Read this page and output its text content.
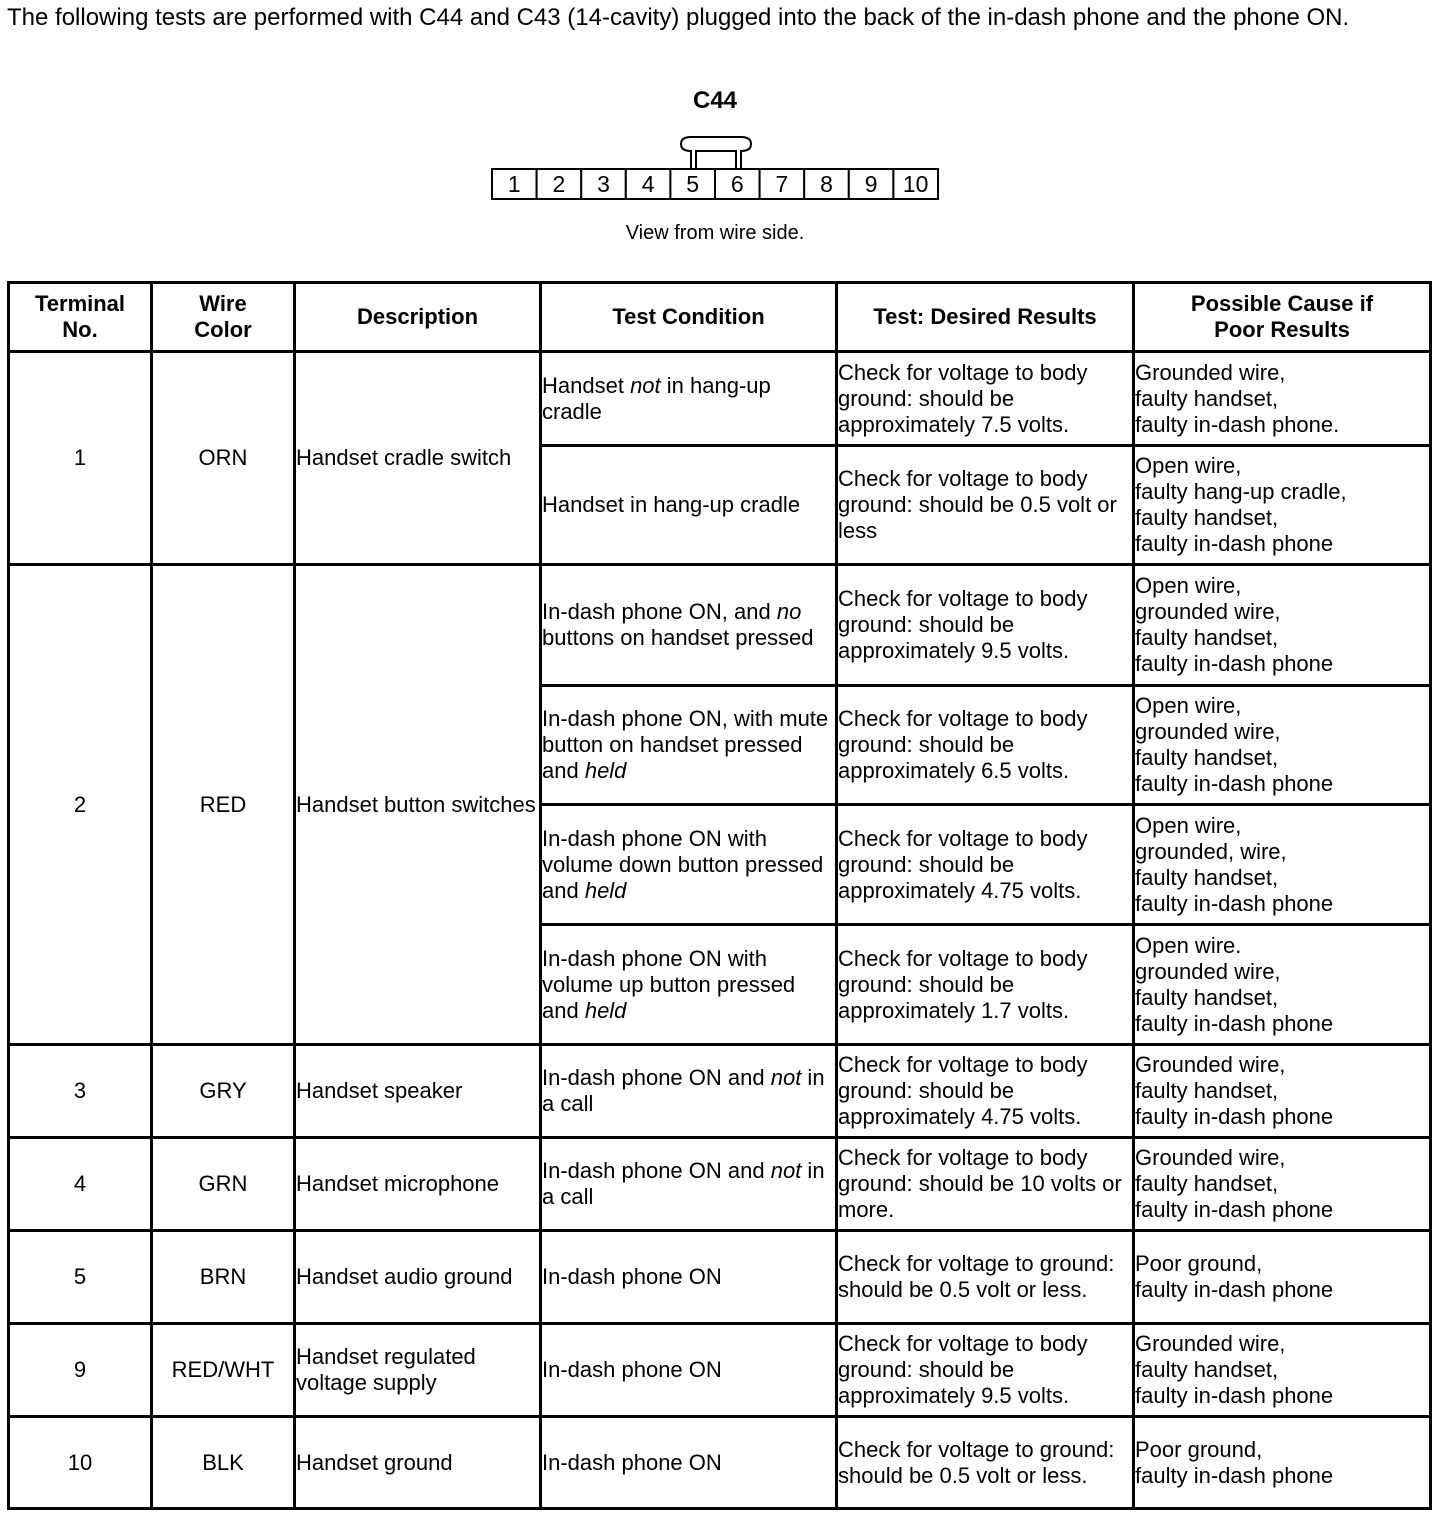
The following tests are performed with C44 and C43 (14-cavity) plugged into the back of the in-dash phone and the phone ON.

C44
1 2 3 4 5 6 7 8 9 10
View from wire side.
Terminal No.	Wire Color	Description	Test Condition	Test: Desired Results	Possible Cause if Poor Results
1	ORN	Handset cradle switch	Handset not in hang-up cradle	Check for voltage to body ground: should be approximately 7.5 volts.	Grounded wire,
faulty handset,
faulty in-dash phone.

			Handset in hang-up cradle	Check for voltage to body ground: should be 0.5 volt or less	Open wire,
faulty hang-up cradle,
faulty handset,
faulty in-dash phone

2	RED	Handset button switches	In-dash phone ON, and no buttons on handset pressed	Check for voltage to body ground: should be approximately 9.5 volts.	Open wire,
grounded wire,
faulty handset,
faulty in-dash phone

			In-dash phone ON, with mute button on handset pressed and held	Check for voltage to body ground: should be approximately 6.5 volts.	Open wire,
grounded wire,
faulty handset,
faulty in-dash phone

			In-dash phone ON with volume down button pressed and held	Check for voltage to body ground: should be approximately 4.75 volts.	Open wire,
grounded, wire,
faulty handset,
faulty in-dash phone

			In-dash phone ON with volume up button pressed and held	Check for voltage to body ground: should be approximately 1.7 volts.	Open wire.
grounded wire,
faulty handset,
faulty in-dash phone

3	GRY	Handset speaker	In-dash phone ON and not in a call	Check for voltage to body ground: should be approximately 4.75 volts.	Grounded wire,
faulty handset,
faulty in-dash phone

4	GRN	Handset microphone	In-dash phone ON and not in a call	Check for voltage to body ground: should be 10 volts or more.	Grounded wire,
faulty handset,
faulty in-dash phone

5	BRN	Handset audio ground	In-dash phone ON	Check for voltage to ground: should be 0.5 volt or less.	Poor ground,
faulty in-dash phone

9	RED/WHT	Handset regulated voltage supply	In-dash phone ON	Check for voltage to body ground: should be approximately 9.5 volts.	Grounded wire,
faulty handset,
faulty in-dash phone

10	BLK	Handset ground	In-dash phone ON	Check for voltage to ground: should be 0.5 volt or less.	Poor ground,
faulty in-dash phone
